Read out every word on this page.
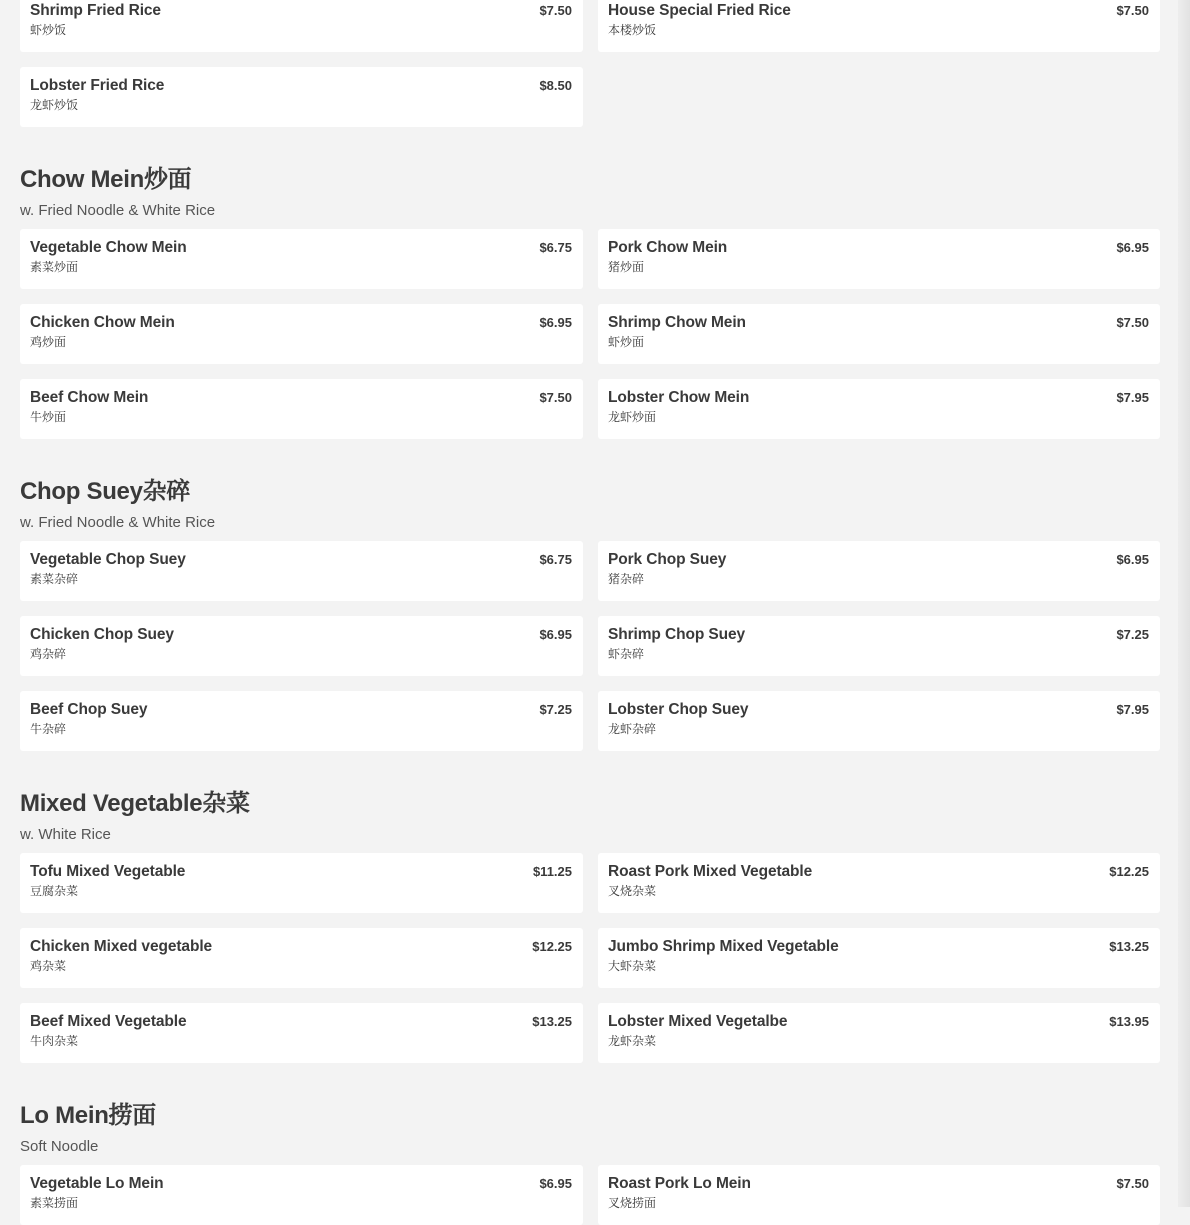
Shrimp Fried Rice
虾炒饭
$7.50 House Special Fried Rice
本楼炒饭
$7.50
Lobster Fried Rice
龙虾炒饭
$8.50
Chow Mein炒面
w. Fried Noodle & White Rice
Vegetable Chow Mein
素菜炒面
$6.75 Pork Chow Mein
猪炒面
$6.95
Chicken Chow Mein
鸡炒面
$6.95 Shrimp Chow Mein
虾炒面
$7.50
Beef Chow Mein
牛炒面
$7.50 Lobster Chow Mein
龙虾炒面
$7.95
Chop Suey杂碎
w. Fried Noodle & White Rice
Vegetable Chop Suey
素菜杂碎
$6.75 Pork Chop Suey
猪杂碎
$6.95
Chicken Chop Suey
鸡杂碎
$6.95 Shrimp Chop Suey
虾杂碎
$7.25
Beef Chop Suey
牛杂碎
$7.25 Lobster Chop Suey
龙虾杂碎
$7.95
Mixed Vegetable杂菜
w. White Rice
Tofu Mixed Vegetable
豆腐杂菜
$11.25 Roast Pork Mixed Vegetable
叉烧杂菜
$12.25
Chicken Mixed vegetable
鸡杂菜
$12.25 Jumbo Shrimp Mixed Vegetable
大虾杂菜
$13.25
Beef Mixed Vegetable
牛肉杂菜
$13.25 Lobster Mixed Vegetalbe
龙虾杂菜
$13.95
Lo Mein捞面
Soft Noodle
Vegetable Lo Mein
素菜捞面
$6.95 Roast Pork Lo Mein
叉烧捞面
$7.50
